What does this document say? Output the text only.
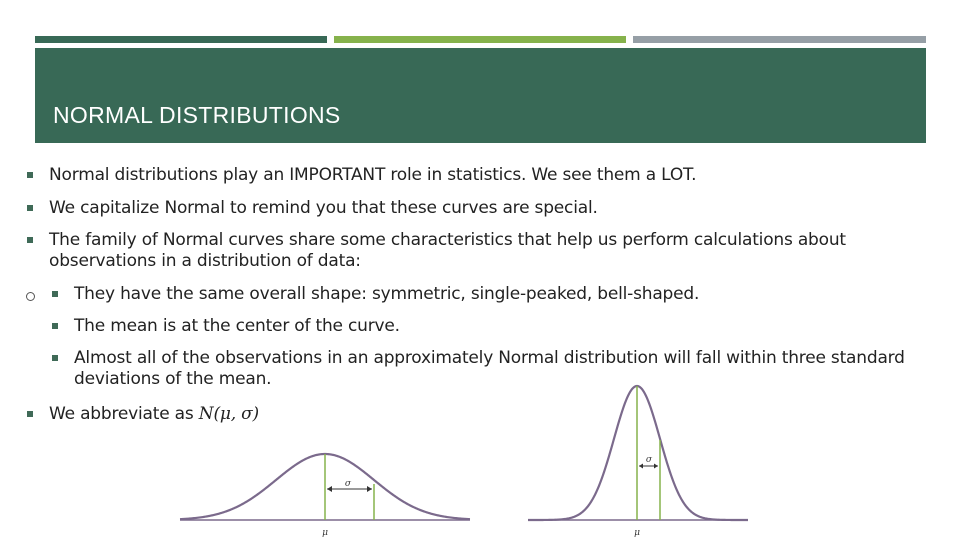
NORMAL DISTRIBUTIONS
Normal distributions play an IMPORTANT role in statistics. We see them a LOT.
We capitalize Normal to remind you that these curves are special.
The family of Normal curves share some characteristics that help us perform calculations about
observations in a distribution of data:
They have the same overall shape: symmetric, single-peaked, bell-shaped.
The mean is at the center of the curve.
Almost all of the observations in an approximately Normal distribution will fall within three standard
deviations of the mean.
We abbreviate as N(μ, σ)
σ
μ
σ
μ
